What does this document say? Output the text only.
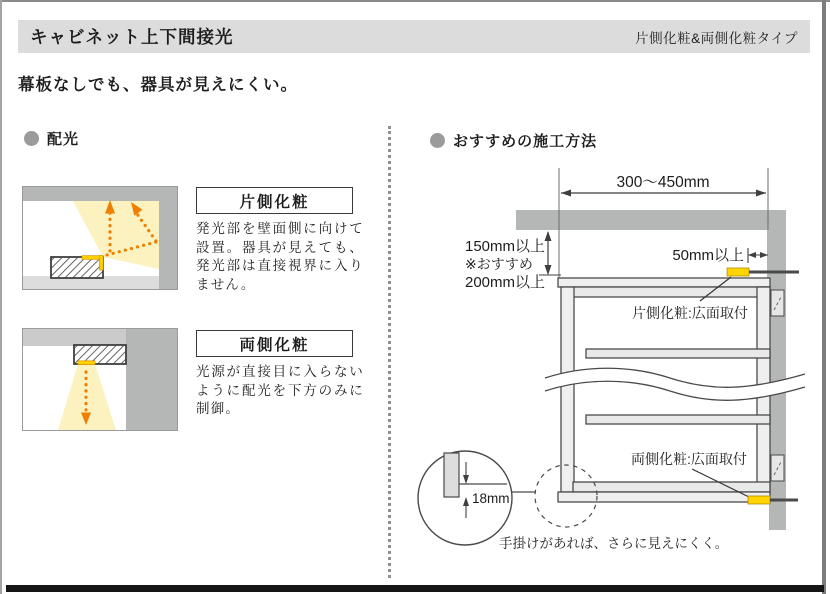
キャビネット上下間接光	片側化粧&両側化粧タイプ
幕板なしでも、器具が見えにくい。
配光
片側化粧
発光部を壁面側に向けて設置。器具が見えても、発光部は直接視界に入りません。
両側化粧
光源が直接目に入らないように配光を下方のみに制御。
おすすめの施工方法
300〜450mm
150mm以上
※おすすめ
200mm以上
50mm以上
片側化粧:広面取付
両側化粧:広面取付
18mm
手掛けがあれば、さらに見えにくく。
